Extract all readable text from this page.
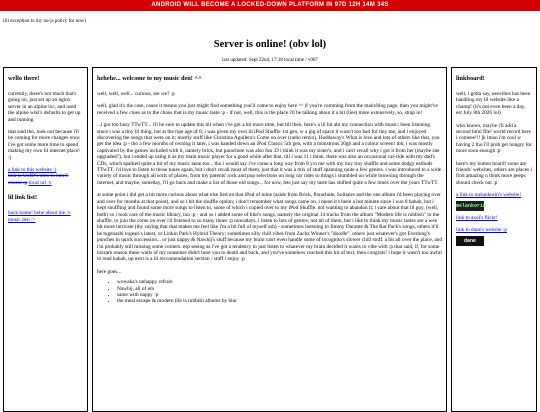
ANDROID WILL BECOME A LOCKED-DOWN PLATFORM IN 97D 12H 14M 34S
(lil exception to my no-js policy for now)
Server is online! (obv lol)
last updated: Sept 22nd, 17:18 local time / v007
wello there!

currently, there's not much that's going on, just set up an nginx server in an alpine lxc, and used the alpine wiki's defaults to get up and running

that said tho, look out because i'll be coming for more changes once i've got some more time to spend making my own lil internet place! :)

a link to this website :)
link to UofD's intro to html5 course :p local url :v
lil link list!
back home! hehe about me :v music den :>
hehehe... welcome to my music den! ^^

well, well, well... curious, are we? :p

well, glad it's the case, cause it means you just might find something you'll come to enjoy here ^^ if you're comming from the main/blog page, then you might've received a few clues as to the chaos that is my music taste :p - if not, well, this is the place i'll be talking about it a bit (lies) more extensively, so, strap in!

...i got too busy TTwTT... i'll be sure to update this bit when i've got a bit more time, but till then, here's a lil bit abt my connection with music; been listening since i was a tiny lil thing, but at the ripe age of 8, i was given my own lil iPod Shuffle 1st gen, w a gig of space it wasn't too bad for tiny me, and i enjoyed discovering the songs that were on it; mostly stuff like Christina Aguilera's Come on over (radio remix), Haddaway's What is love and lots of others like that, you get the idea :p - tho a few months of owning it later, i was handed down an iPod Classic 5th gen, with a monstrous 30gb and a colour screen! tbh, i was mostly captivated by the games included with it, namely brick, but parachute was also fun :D i think it was my sister's, and i can't recall why i got it from her (maybe she upgraded?), but i ended up using it as my main music player for a good while after that, till i was 11 i think. there was also an occasional car-ride with my dad's CDs, which sparked quite a bit of my music taste too... tho i would say i've come a long way from 8 y/o me with my tiny tiny shuffle and some dodgy earbuds TTwTT. i'd love to listen to those tunes again, but i don't recall most of them, just that it was a mix of stuff spanning quite a few genres. i was introduced to a wide variety of music through all sorts of places, from my parents' rock and pop selections on long car rides to things i stumbled on while browsing through the internet, and maybe, someday, i'll go back and make a list of those old songs... for now, lets just say my taste has shifted quite a few times over the years TTwTT.

at some point i did get a bit more curious about what else lied on that iPod of mine (aside from Brick, Parachute, Solitaire and the one album i'd been playing over and over for months at that point), and so i hit the shuffle option; i don't remember what songs came on, i mean it's been a hot minute since i was 8 hahah, but i kept shuffling and found some more songs to listen to, some of which i copied over to my iPod Shuffle. not wanting to abandon it; i care about that lil guy, (well, both) so i took care of the music library, too :p - and so i added some of blur's songs, namely the original 14 tracks from the album "Modern life is rubbish" to the shuffle, to join the come on over i'd listened to so many times :p nowadays, i listen to lots of genres; not all of them, but i like to think my music tastes are a wee bit more intricate (thy saying that that makes me feel like i'm a bit full of myself ssh) - sometimes listening to Jimmy Durante & The Rat Pack's songs, others it'll be togenashi togeari's latest, or Linkin Park's Hybrid Theory; sometimes silly chill vibes from Zachz Winner's "doodle", others just whatever's got Everlong's punches in quick succession... or just nappy & Nawhij's stuff because my brain can't even handle some of incognito's slower chill stuff. a bit all over the place, and i'm probably still missing some corners. esp seeing as i've got a tendency to just listen to whatever my brain decided it wants to vibe with :p that said, if, for some bizzare reason these walls of my nonsense didn't bore you to death and back, and you've somehow reached this bit of text, then congrats! i hope it wasn't too awful to read hahah, up next is a lil reccomendation section / stuff i enjoy :p

here goes...

• wowaka's unhappy refrain
• Nawhij, all of em
• same with nappy :p
• the meal escape & modern life is rubbish albums by blur
linkboard!

well, i gotta say, neocities has been handling my lil website like a champ! (it's not even been a day, est July 8th 2026 lol)

who knows, maybe i'll add a second html file! world record here i comeee!!! jk lmao i'm cool w having 2 tho i'll prob get hungry for more soon enough :p

here's my button board! some are friends' websites, others are places i find amazing n think more peeps should check out :p

a link to melankorin's website!
melankorin
link to axol's flickr!

link to dane's website :p
dane
